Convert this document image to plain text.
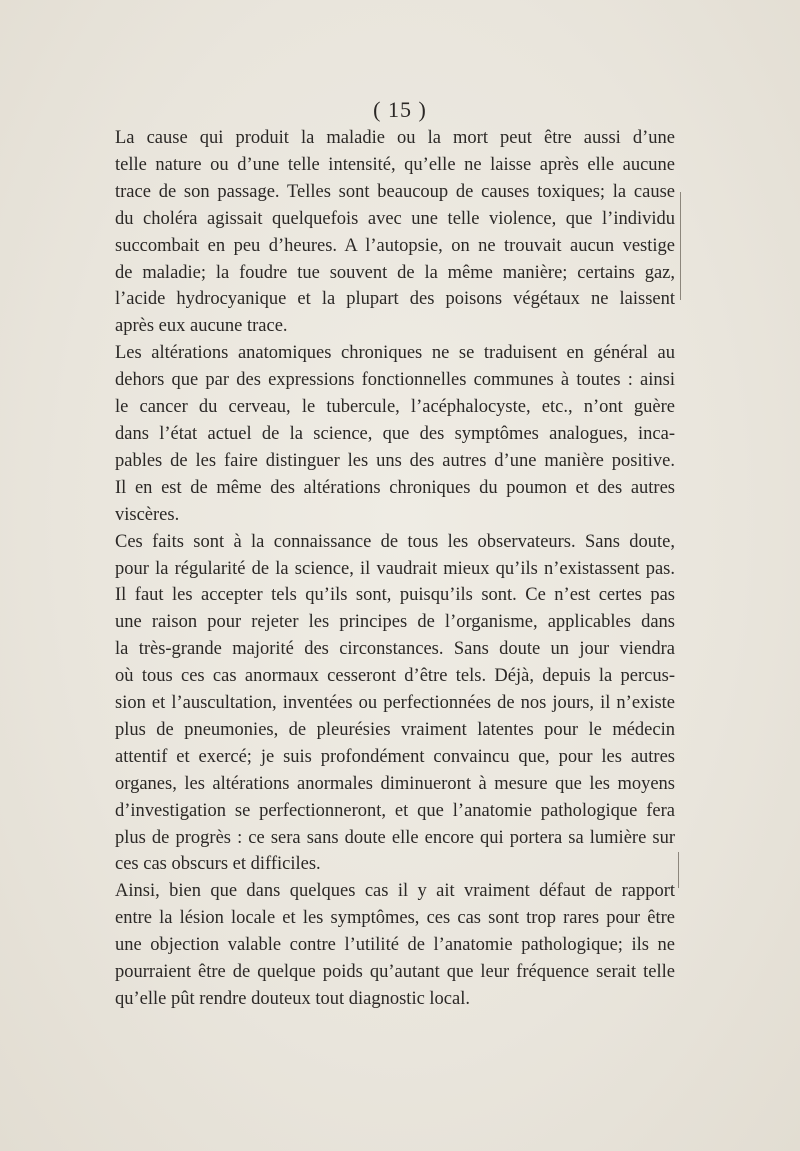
( 15 )

La cause qui produit la maladie ou la mort peut être aussi d’une
telle nature ou d’une telle intensité, qu’elle ne laisse après elle aucune
trace de son passage. Telles sont beaucoup de causes toxiques; la cause
du choléra agissait quelquefois avec une telle violence, que l’individu
succombait en peu d’heures. A l’autopsie, on ne trouvait aucun vestige
de maladie; la foudre tue souvent de la même manière; certains gaz,
l’acide hydrocyanique et la plupart des poisons végétaux ne laissent
après eux aucune trace.

Les altérations anatomiques chroniques ne se traduisent en général au
dehors que par des expressions fonctionnelles communes à toutes : ainsi
le cancer du cerveau, le tubercule, l’acéphalocyste, etc., n’ont guère
dans l’état actuel de la science, que des symptômes analogues, inca-
pables de les faire distinguer les uns des autres d’une manière positive.
Il en est de même des altérations chroniques du poumon et des autres
viscères.

Ces faits sont à la connaissance de tous les observateurs. Sans doute,
pour la régularité de la science, il vaudrait mieux qu’ils n’existassent pas.
Il faut les accepter tels qu’ils sont, puisqu’ils sont. Ce n’est certes pas
une raison pour rejeter les principes de l’organisme, applicables dans
la très-grande majorité des circonstances. Sans doute un jour viendra
où tous ces cas anormaux cesseront d’être tels. Déjà, depuis la percus-
sion et l’auscultation, inventées ou perfectionnées de nos jours, il n’existe
plus de pneumonies, de pleurésies vraiment latentes pour le médecin
attentif et exercé; je suis profondément convaincu que, pour les autres
organes, les altérations anormales diminueront à mesure que les moyens
d’investigation se perfectionneront, et que l’anatomie pathologique fera
plus de progrès : ce sera sans doute elle encore qui portera sa lumière sur
ces cas obscurs et difficiles.

Ainsi, bien que dans quelques cas il y ait vraiment défaut de rapport
entre la lésion locale et les symptômes, ces cas sont trop rares pour être
une objection valable contre l’utilité de l’anatomie pathologique; ils ne
pourraient être de quelque poids qu’autant que leur fréquence serait telle
qu’elle pût rendre douteux tout diagnostic local.
